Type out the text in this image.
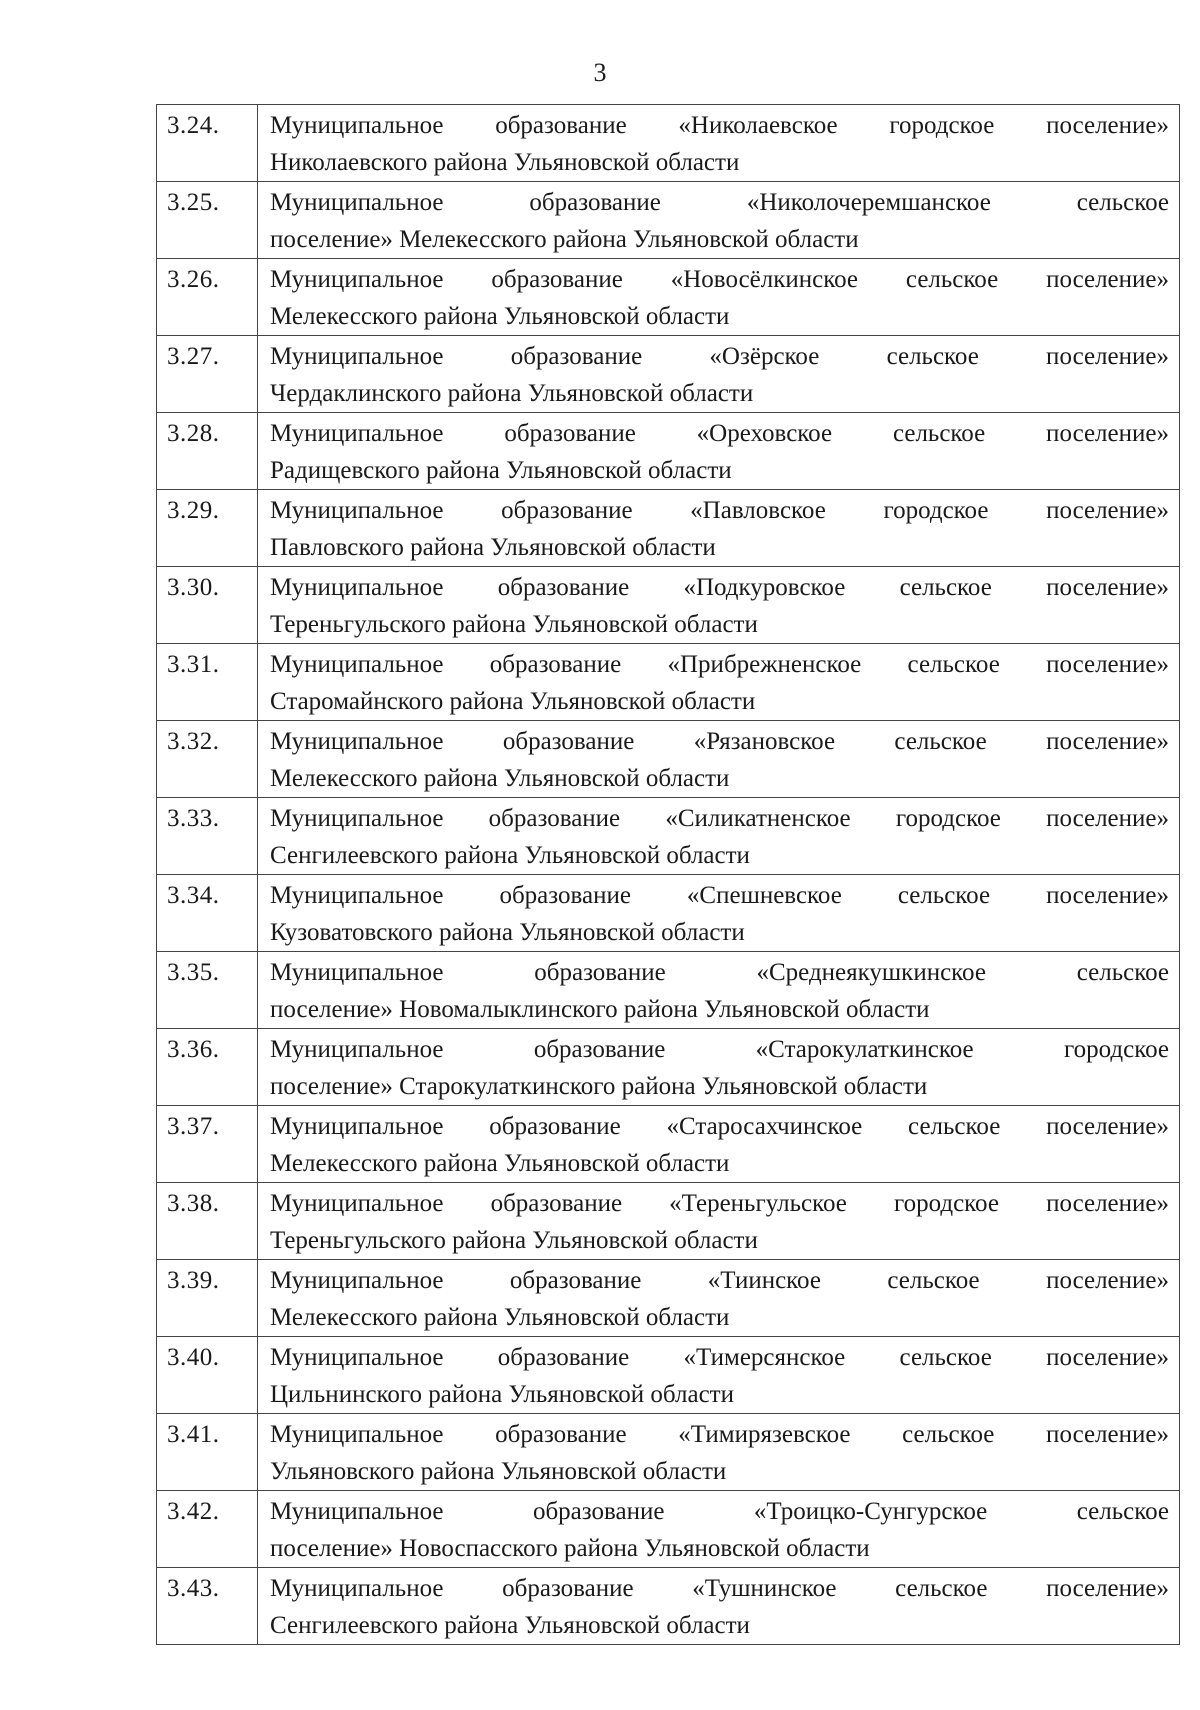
3
3.24.	Муниципальное образование «Николаевское городское поселение»
Николаевского района Ульяновской области

3.25.	Муниципальное образование «Николочеремшанское сельское
поселение» Мелекесского района Ульяновской области

3.26.	Муниципальное образование «Новосёлкинское сельское поселение»
Мелекесского района Ульяновской области

3.27.	Муниципальное образование «Озёрское сельское поселение»
Чердаклинского района Ульяновской области

3.28.	Муниципальное образование «Ореховское сельское поселение»
Радищевского района Ульяновской области

3.29.	Муниципальное образование «Павловское городское поселение»
Павловского района Ульяновской области

3.30.	Муниципальное образование «Подкуровское сельское поселение»
Тереньгульского района Ульяновской области

3.31.	Муниципальное образование «Прибрежненское сельское поселение»
Старомайнского района Ульяновской области

3.32.	Муниципальное образование «Рязановское сельское поселение»
Мелекесского района Ульяновской области

3.33.	Муниципальное образование «Силикатненское городское поселение»
Сенгилеевского района Ульяновской области

3.34.	Муниципальное образование «Спешневское сельское поселение»
Кузоватовского района Ульяновской области

3.35.	Муниципальное образование «Среднеякушкинское сельское
поселение» Новомалыклинского района Ульяновской области

3.36.	Муниципальное образование «Старокулаткинское городское
поселение» Старокулаткинского района Ульяновской области

3.37.	Муниципальное образование «Старосахчинское сельское поселение»
Мелекесского района Ульяновской области

3.38.	Муниципальное образование «Тереньгульское городское поселение»
Тереньгульского района Ульяновской области

3.39.	Муниципальное образование «Тиинское сельское поселение»
Мелекесского района Ульяновской области

3.40.	Муниципальное образование «Тимерсянское сельское поселение»
Цильнинского района Ульяновской области

3.41.	Муниципальное образование «Тимирязевское сельское поселение»
Ульяновского района Ульяновской области

3.42.	Муниципальное образование «Троицко-Сунгурское сельское
поселение» Новоспасского района Ульяновской области

3.43.	Муниципальное образование «Тушнинское сельское поселение»
Сенгилеевского района Ульяновской области
